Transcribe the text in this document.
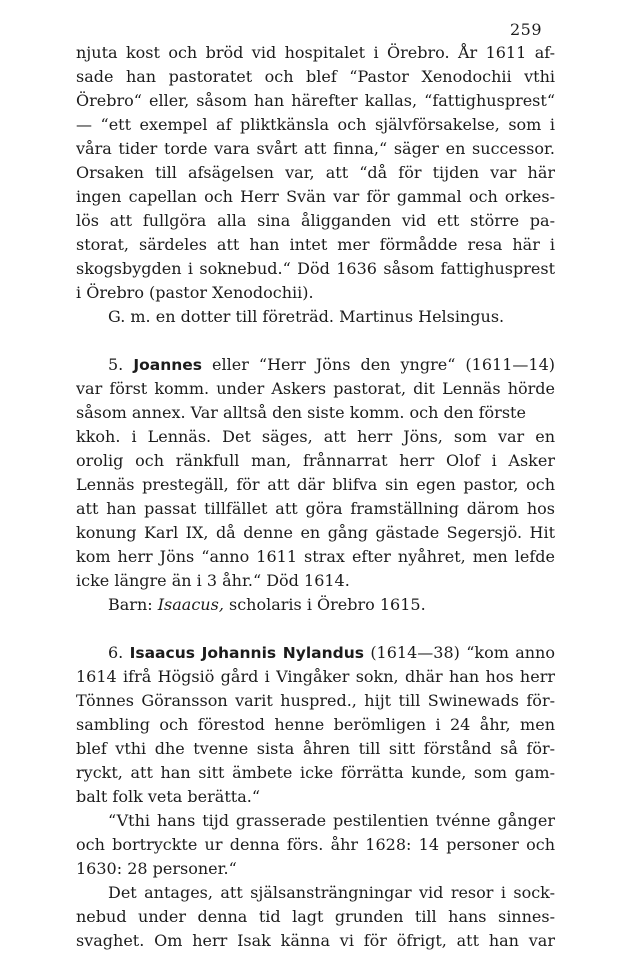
259
njuta kost och bröd vid hospitalet i Örebro. År 1611 af-
sade han pastoratet och blef “Pastor Xenodochii vthi
Örebro“ eller, såsom han härefter kallas, “fattighusprest“
— “ett exempel af pliktkänsla och självförsakelse, som i
våra tider torde vara svårt att finna,“ säger en successor.
Orsaken till afsägelsen var, att “då för tijden var här
ingen capellan och Herr Svän var för gammal och orkes-
lös att fullgöra alla sina åligganden vid ett större pa-
storat, särdeles att han intet mer förmådde resa här i
skogsbygden i soknebud.“ Död 1636 såsom fattighusprest
i Örebro (pastor Xenodochii).
G. m. en dotter till företräd. Martinus Helsingus.
5. Joannes eller “Herr Jöns den yngre“ (1611—14)
var först komm. under Askers pastorat, dit Lennäs hörde
såsom annex. Var alltså den siste komm. och den förste
kkoh. i Lennäs. Det säges, att herr Jöns, som var en
orolig och ränkfull man, frånnarrat herr Olof i Asker
Lennäs prestegäll, för att där blifva sin egen pastor, och
att han passat tillfället att göra framställning därom hos
konung Karl IX, då denne en gång gästade Segersjö. Hit
kom herr Jöns “anno 1611 strax efter nyåhret, men lefde
icke längre än i 3 åhr.“ Död 1614.
Barn: Isaacus, scholaris i Örebro 1615.
6. Isaacus Johannis Nylandus (1614—38) “kom anno
1614 ifrå Högsiö gård i Vingåker sokn, dhär han hos herr
Tönnes Göransson varit huspred., hijt till Swinewads för-
sambling och förestod henne berömligen i 24 åhr, men
blef vthi dhe tvenne sista åhren till sitt förstånd så för-
ryckt, att han sitt ämbete icke förrätta kunde, som gam-
balt folk veta berätta.“
“Vthi hans tijd grasserade pestilentien tvénne gånger
och bortryckte ur denna förs. åhr 1628: 14 personer och
1630: 28 personer.“
Det antages, att själsansträngningar vid resor i sock-
nebud under denna tid lagt grunden till hans sinnes-
svaghet. Om herr Isak känna vi för öfrigt, att han var
